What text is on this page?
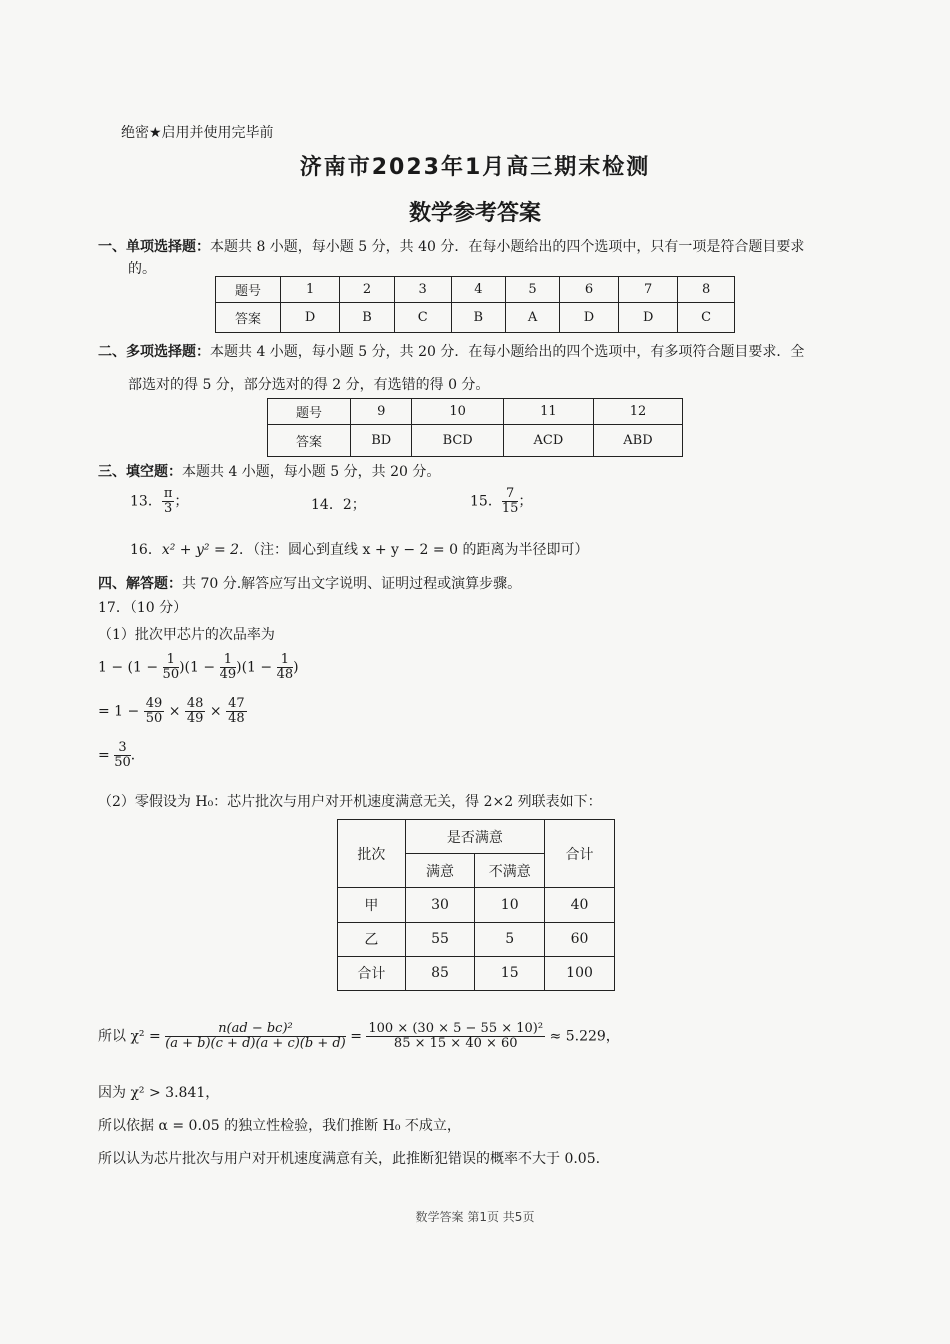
绝密★启用并使用完毕前
济南市2023年1月高三期末检测
数学参考答案
一、单项选择题：本题共 8 小题，每小题 5 分，共 40 分．在每小题给出的四个选项中，只有一项是符合题目要求
的。
题号	1	2	3	4	5	6	7	8
答案	D	B	C	B	A	D	D	C
二、多项选择题：本题共 4 小题，每小题 5 分，共 20 分．在每小题给出的四个选项中，有多项符合题目要求．全
部选对的得 5 分，部分选对的得 2 分，有选错的得 0 分。
题号	9	10	11	12
答案	BD	BCD	ACD	ABD
三、填空题：本题共 4 小题，每小题 5 分，共 20 分。
13． $\frac{\pi}{3}$ ；	14．2；	15． $\frac{7}{15}$ ；
16．x² + y² = 2．（注：圆心到直线 x + y − 2 = 0 的距离为半径即可）
四、解答题：共 70 分.解答应写出文字说明、证明过程或演算步骤。
17．（10 分）
（1）批次甲芯片的次品率为
$1 - (1 - \frac{1}{50} )(1 - \frac{1}{49} )(1 - \frac{1}{48}$ )
= $1 - \frac{49}{50} \times \frac{48}{49} \times \frac{47}{48}$
= $\frac{3}{50}$ ．
（2）零假设为 H₀：芯片批次与用户对开机速度满意无关，得 2×2 列联表如下：
批次	是否满意		合计
	满意	不满意	
甲	30	10	40
乙	55	5	60
合计	85	15	100
所以 $\chi^2 = \frac{\text{n(ad − bc)²}}{(a + b)(c + d)(a + c)(b + d)} = \frac{\text{100 × (30 × 5 − 55 × 10)²}}{85 \times 15 \times 40 \times 60} \approx 5.229$，
因为 χ² > 3.841，
所以依据 α = 0.05 的独立性检验，我们推断 H₀ 不成立，
所以认为芯片批次与用户对开机速度满意有关，此推断犯错误的概率不大于 0.05.
数学答案 第1页 共5页
